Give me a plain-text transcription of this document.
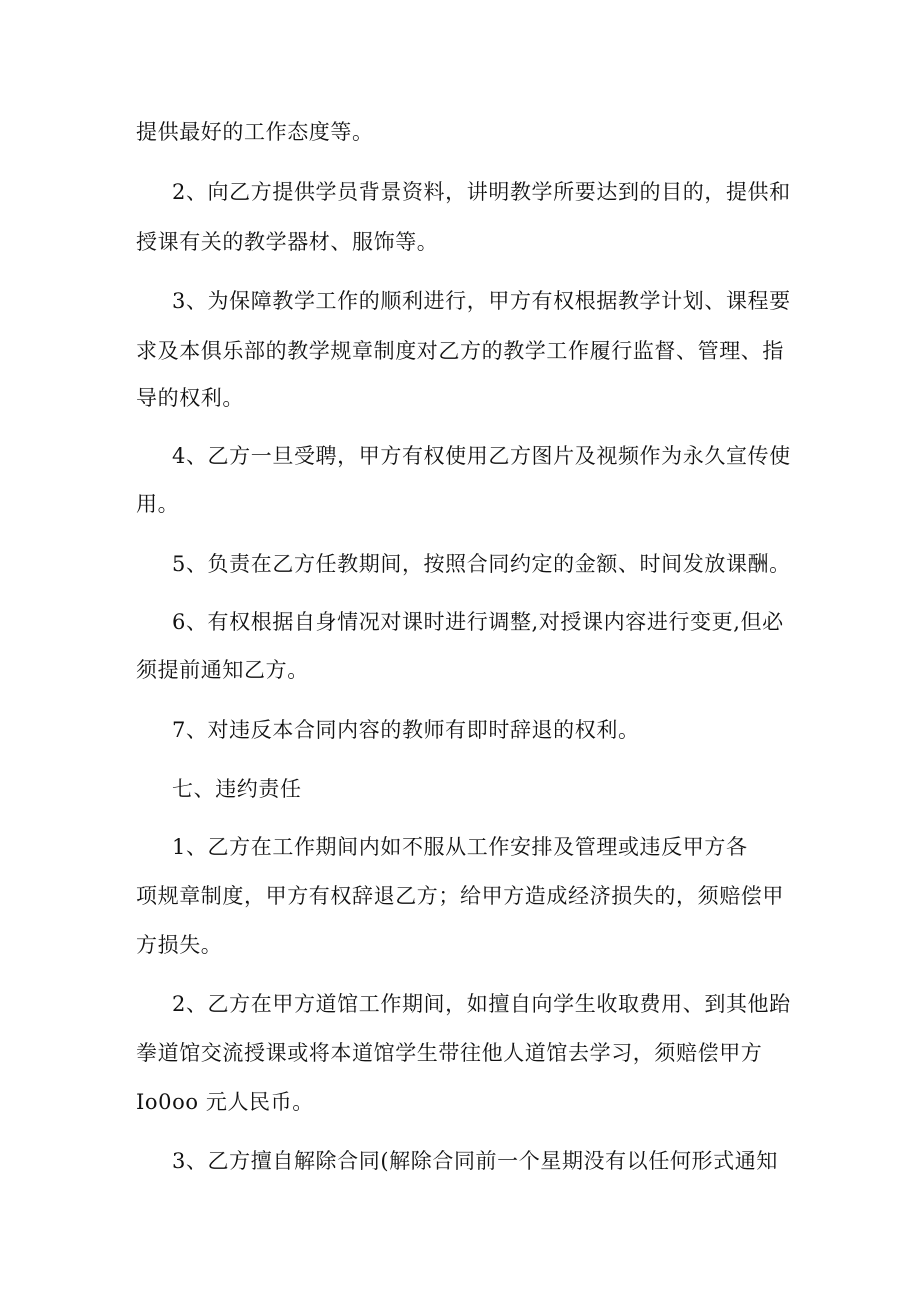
提供最好的工作态度等。
2、向乙方提供学员背景资料，讲明教学所要达到的目的，提供和
授课有关的教学器材、服饰等。
3、为保障教学工作的顺利进行，甲方有权根据教学计划、课程要
求及本俱乐部的教学规章制度对乙方的教学工作履行监督、管理、指
导的权利。
4、乙方一旦受聘，甲方有权使用乙方图片及视频作为永久宣传使
用。
5、负责在乙方任教期间，按照合同约定的金额、时间发放课酬。
6、有权根据自身情况对课时进行调整,对授课内容进行变更,但必
须提前通知乙方。
7、对违反本合同内容的教师有即时辞退的权利。
七、违约责任
1、乙方在工作期间内如不服从工作安排及管理或违反甲方各
项规章制度，甲方有权辞退乙方；给甲方造成经济损失的，须赔偿甲
方损失。
2、乙方在甲方道馆工作期间，如擅自向学生收取费用、到其他跆
拳道馆交流授课或将本道馆学生带往他人道馆去学习，须赔偿甲方
Io0oo 元人民币。
3、乙方擅自解除合同(解除合同前一个星期没有以任何形式通知
